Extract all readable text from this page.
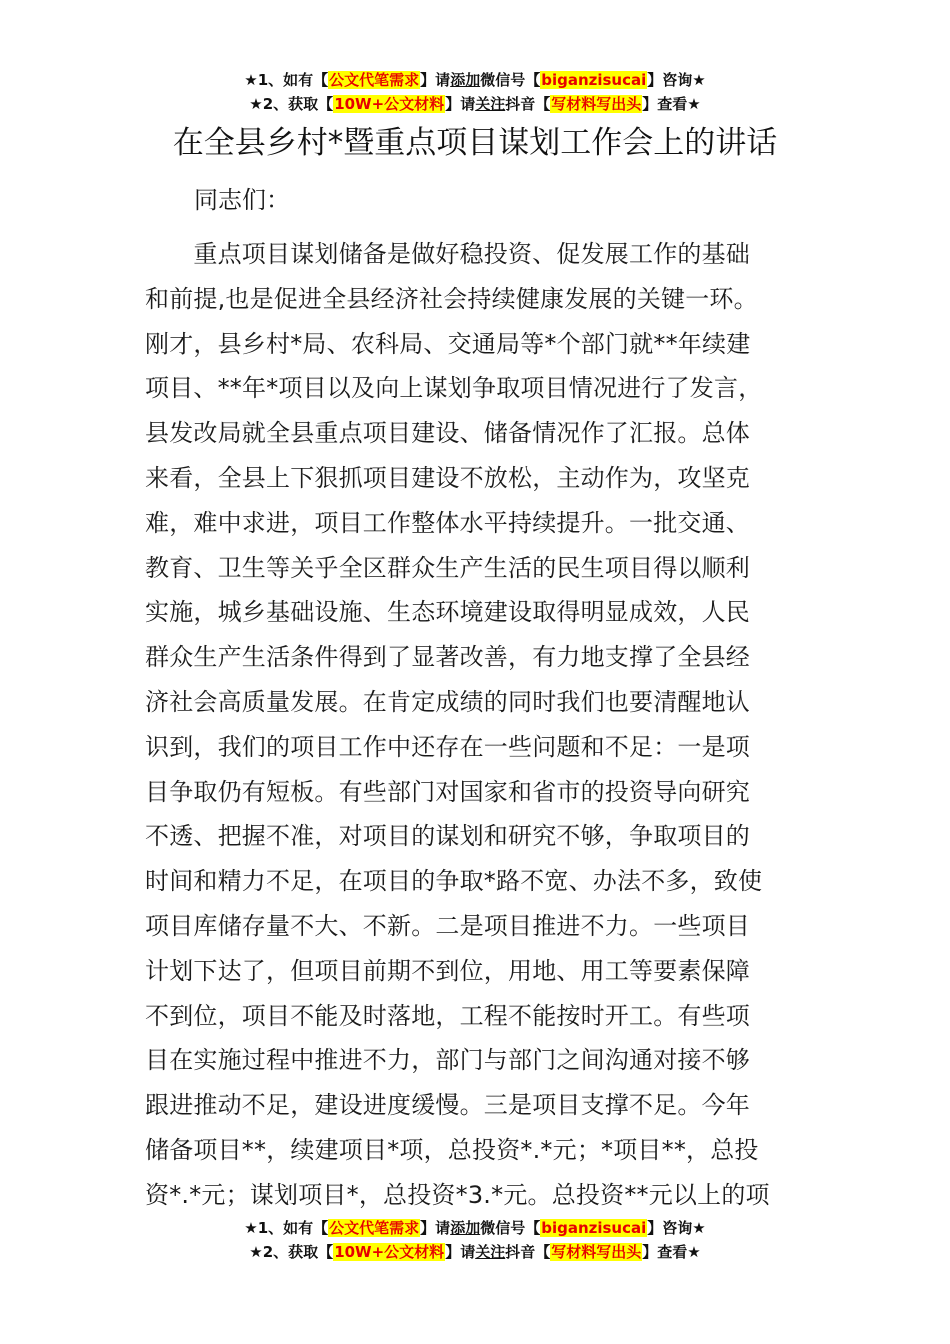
★1、如有【公文代笔需求】请添加微信号【biganzisucai】咨询★
★2、获取【10W+公文材料】请关注抖音【写材料写出头】查看★
在全县乡村*暨重点项目谋划工作会上的讲话
同志们：
　　重点项目谋划储备是做好稳投资、促发展工作的基础
和前提,也是促进全县经济社会持续健康发展的关键一环。
刚才，县乡村*局、农科局、交通局等*个部门就**年续建
项目、**年*项目以及向上谋划争取项目情况进行了发言，
县发改局就全县重点项目建设、储备情况作了汇报。总体
来看，全县上下狠抓项目建设不放松，主动作为，攻坚克
难，难中求进，项目工作整体水平持续提升。一批交通、
教育、卫生等关乎全区群众生产生活的民生项目得以顺利
实施，城乡基础设施、生态环境建设取得明显成效，人民
群众生产生活条件得到了显著改善，有力地支撑了全县经
济社会高质量发展。在肯定成绩的同时我们也要清醒地认
识到，我们的项目工作中还存在一些问题和不足：一是项
目争取仍有短板。有些部门对国家和省市的投资导向研究
不透、把握不准，对项目的谋划和研究不够，争取项目的
时间和精力不足，在项目的争取*路不宽、办法不多，致使
项目库储存量不大、不新。二是项目推进不力。一些项目
计划下达了，但项目前期不到位，用地、用工等要素保障
不到位，项目不能及时落地，工程不能按时开工。有些项
目在实施过程中推进不力，部门与部门之间沟通对接不够
跟进推动不足，建设进度缓慢。三是项目支撑不足。今年
储备项目**，续建项目*项，总投资*.*元；*项目**，总投
资*.*元；谋划项目*，总投资*3.*元。总投资**元以上的项
★1、如有【公文代笔需求】请添加微信号【biganzisucai】咨询★
★2、获取【10W+公文材料】请关注抖音【写材料写出头】查看★
